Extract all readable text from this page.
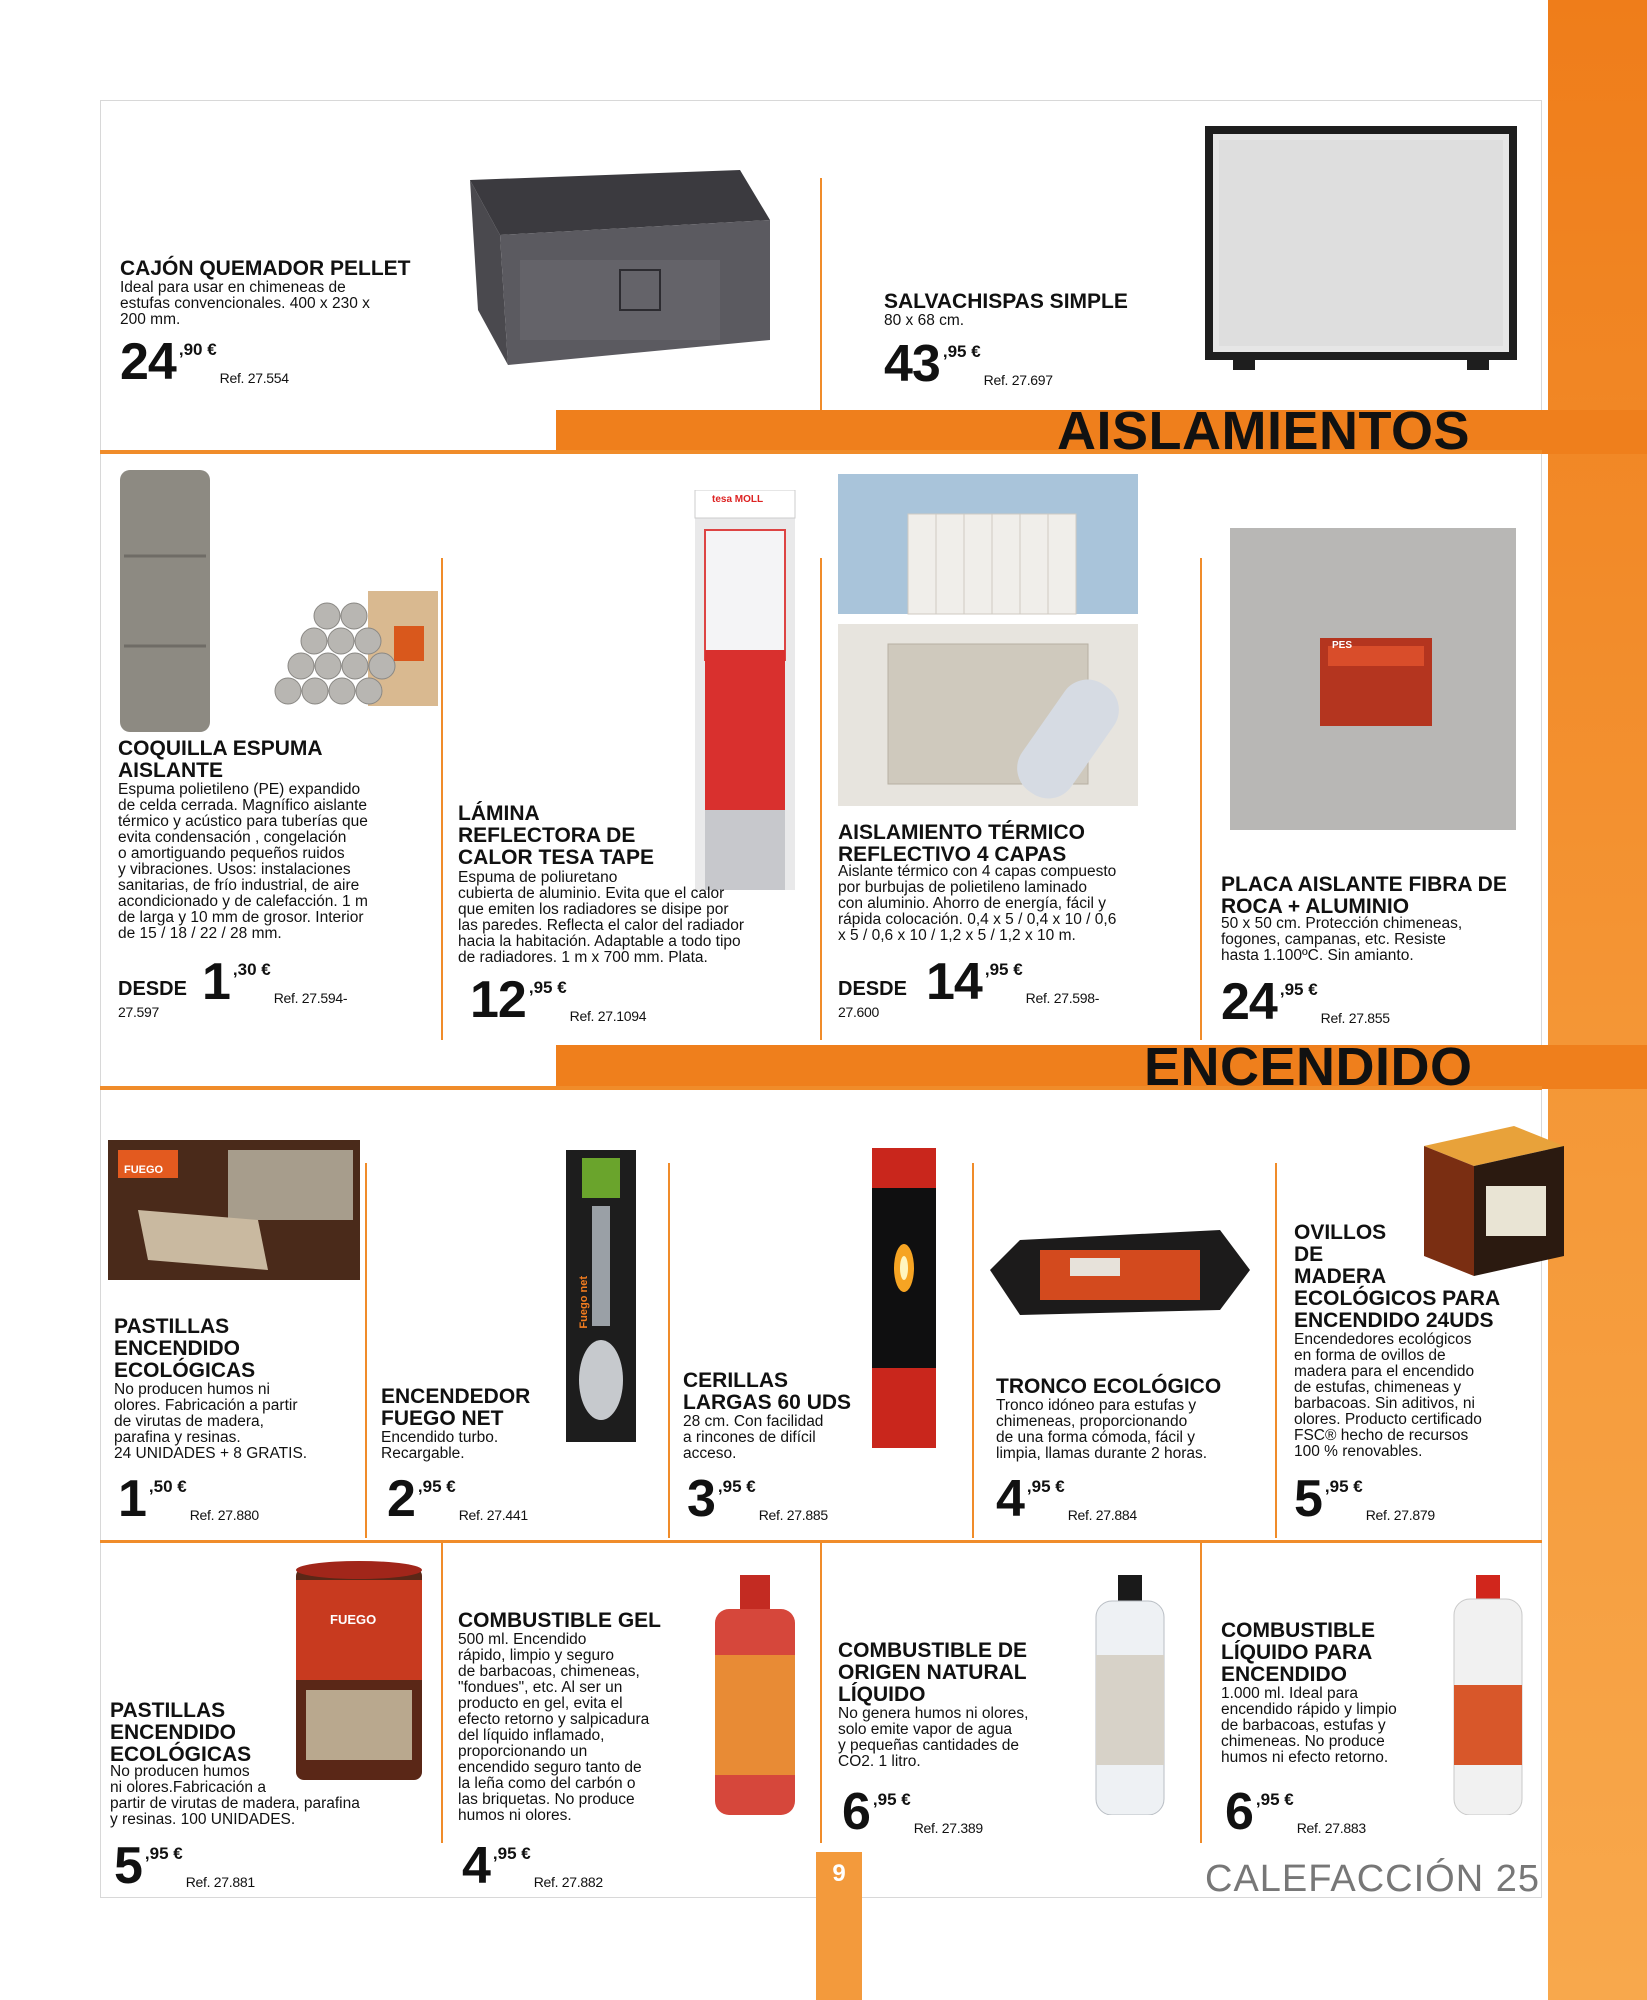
AISLAMIENTOS
ENCENDIDO
CAJÓN QUEMADOR PELLET
Ideal para usar en chimeneas de
estufas convencionales. 400 x 230 x
200 mm.
24 ,90 €
Ref. 27.554
SALVACHISPAS SIMPLE
80 x 68 cm.
43 ,95 €
Ref. 27.697
COQUILLA ESPUMA
AISLANTE
Espuma polietileno (PE) expandido
de celda cerrada. Magnífico aislante
térmico y acústico para tuberías que
evita condensación , congelación
o amortiguando pequeños ruidos
y vibraciones. Usos: instalaciones
sanitarias, de frío industrial, de aire
acondicionado y de calefacción. 1 m
de larga y 10 mm de grosor. Interior
de 15 / 18 / 22 / 28 mm.
DESDE 1 ,30 €
Ref. 27.594-
27.597
tesa MOLL
LÁMINA
REFLECTORA DE
CALOR TESA TAPE
Espuma de poliuretano
cubierta de aluminio. Evita que el calor
que emiten los radiadores se disipe por
las paredes. Reflecta el calor del radiador
hacia la habitación. Adaptable a todo tipo
de radiadores. 1 m x 700 mm. Plata.
12 ,95 €
Ref. 27.1094
AISLAMIENTO TÉRMICO
REFLECTIVO 4 CAPAS
Aislante térmico con 4 capas compuesto
por burbujas de polietileno laminado
con aluminio. Ahorro de energía, fácil y
rápida colocación. 0,4 x 5 / 0,4 x 10 / 0,6
x 5 / 0,6 x 10 / 1,2 x 5 / 1,2 x 10 m.
DESDE 14 ,95 €
Ref. 27.598-
27.600
PES
PLACA AISLANTE FIBRA DE
ROCA + ALUMINIO
50 x 50 cm. Protección chimeneas,
fogones, campanas, etc. Resiste
hasta 1.100ºC. Sin amianto.
24 ,95 €
Ref. 27.855
FUEGO
PASTILLAS
ENCENDIDO
ECOLÓGICAS
No producen humos ni
olores. Fabricación a partir
de virutas de madera,
parafina y resinas.
24 UNIDADES + 8 GRATIS.
1 ,50 €
Ref. 27.880
Fuego net
ENCENDEDOR
FUEGO NET
Encendido turbo.
Recargable.
2 ,95 €
Ref. 27.441
CERILLAS
LARGAS 60 UDS
28 cm. Con facilidad
a rincones de difícil
acceso.
3 ,95 €
Ref. 27.885
TRONCO ECOLÓGICO
Tronco idóneo para estufas y
chimeneas, proporcionando
de una forma cómoda, fácil y
limpia, llamas durante 2 horas.
4 ,95 €
Ref. 27.884
OVILLOS
DE
MADERA
ECOLÓGICOS PARA
ENCENDIDO 24UDS
Encendedores ecológicos
en forma de ovillos de
madera para el encendido
de estufas, chimeneas y
barbacoas. Sin aditivos, ni
olores. Producto certificado
FSC® hecho de recursos
100 % renovables.
5 ,95 €
Ref. 27.879
FUEGO
PASTILLAS
ENCENDIDO
ECOLÓGICAS
No producen humos
ni olores.Fabricación a
partir de virutas de madera, parafina
y resinas. 100 UNIDADES.
5 ,95 €
Ref. 27.881
COMBUSTIBLE GEL
500 ml. Encendido
rápido, limpio y seguro
de barbacoas, chimeneas,
"fondues", etc. Al ser un
producto en gel, evita el
efecto retorno y salpicadura
del líquido inflamado,
proporcionando un
encendido seguro tanto de
la leña como del carbón o
las briquetas. No produce
humos ni olores.
4 ,95 €
Ref. 27.882
COMBUSTIBLE DE
ORIGEN NATURAL
LÍQUIDO
No genera humos ni olores,
solo emite vapor de agua
y pequeñas cantidades de
CO2. 1 litro.
6 ,95 €
Ref. 27.389
COMBUSTIBLE
LÍQUIDO PARA
ENCENDIDO
1.000 ml. Ideal para
encendido rápido y limpio
de barbacoas, estufas y
chimeneas. No produce
humos ni efecto retorno.
6 ,95 €
Ref. 27.883
9	CALEFACCIÓN 25
